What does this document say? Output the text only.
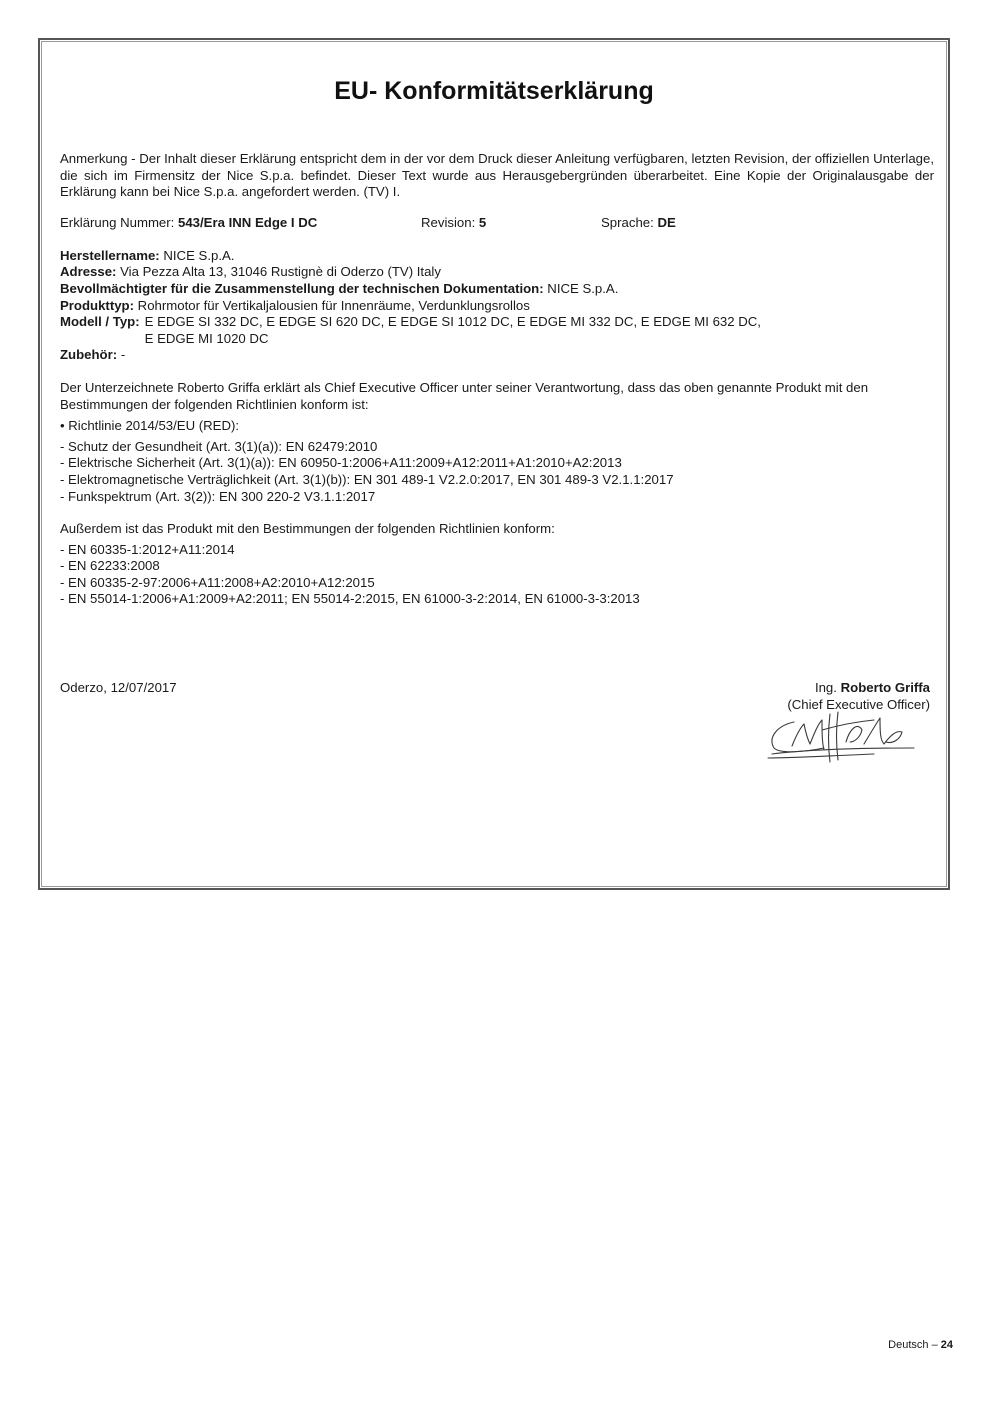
EU- Konformitätserklärung

Anmerkung - Der Inhalt dieser Erklärung entspricht dem in der vor dem Druck dieser Anleitung verfügbaren, letzten Revision, der offiziellen Unterlage, die sich im Firmensitz der Nice S.p.a. befindet. Dieser Text wurde aus Herausgebergründen überarbeitet. Eine Kopie der Originalausgabe der Erklärung kann bei Nice S.p.a. angefordert werden. (TV) I.

Erklärung Nummer: 543/Era INN Edge I DC	Revision: 5	Sprache: DE
Herstellername: NICE S.p.A.
Adresse: Via Pezza Alta 13, 31046 Rustignè di Oderzo (TV) Italy
Bevollmächtigter für die Zusammenstellung der technischen Dokumentation: NICE S.p.A.
Produkttyp: Rohrmotor für Vertikaljalousien für Innenräume, Verdunklungsrollos
Modell / Typ: E EDGE SI 332 DC, E EDGE SI 620 DC, E EDGE SI 1012 DC, E EDGE MI 332 DC, E EDGE MI 632 DC,
E EDGE MI 1020 DC
Zubehör: -

Der Unterzeichnete Roberto Griffa erklärt als Chief Executive Officer unter seiner Verantwortung, dass das oben genannte Produkt mit den Bestimmungen der folgenden Richtlinien konform ist:

• Richtlinie 2014/53/EU (RED):
- Schutz der Gesundheit (Art. 3(1)(a)): EN 62479:2010
- Elektrische Sicherheit (Art. 3(1)(a)): EN 60950-1:2006+A11:2009+A12:2011+A1:2010+A2:2013
- Elektromagnetische Verträglichkeit (Art. 3(1)(b)): EN 301 489-1 V2.2.0:2017, EN 301 489-3 V2.1.1:2017
- Funkspektrum (Art. 3(2)): EN 300 220-2 V3.1.1:2017

Außerdem ist das Produkt mit den Bestimmungen der folgenden Richtlinien konform:

- EN 60335-1:2012+A11:2014
- EN 62233:2008
- EN 60335-2-97:2006+A11:2008+A2:2010+A12:2015
- EN 55014-1:2006+A1:2009+A2:2011; EN 55014-2:2015, EN 61000-3-2:2014, EN 61000-3-3:2013
Oderzo, 12/07/2017	Ing. Roberto Griffa
(Chief Executive Officer)
Deutsch – 24
